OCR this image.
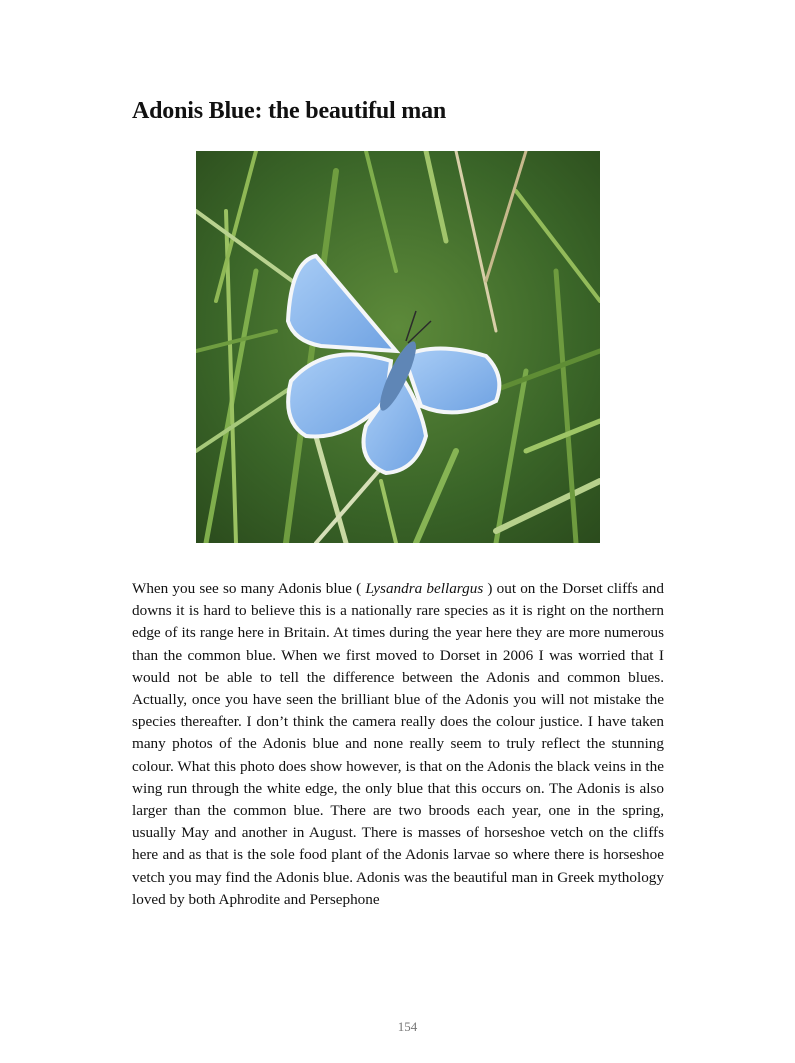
Adonis Blue: the beautiful man

When you see so many Adonis blue ( Lysandra bellargus ) out on the Dorset cliffs and downs it is hard to believe this is a nationally rare species as it is right on the northern edge of its range here in Britain. At times during the year here they are more numerous than the common blue. When we first moved to Dorset in 2006 I was worried that I would not be able to tell the difference between the Adonis and common blues. Actually, once you have seen the brilliant blue of the Adonis you will not mistake the species thereafter. I don’t think the camera really does the colour justice. I have taken many photos of the Adonis blue and none really seem to truly reflect the stunning colour. What this photo does show however, is that on the Adonis the black veins in the wing run through the white edge, the only blue that this occurs on. The Adonis is also larger than the common blue. There are two broods each year, one in the spring, usually May and another in August. There is masses of horseshoe vetch on the cliffs here and as that is the sole food plant of the Adonis larvae so where there is horseshoe vetch you may find the Adonis blue. Adonis was the beautiful man in Greek mythology loved by both Aphrodite and Persephone

154
